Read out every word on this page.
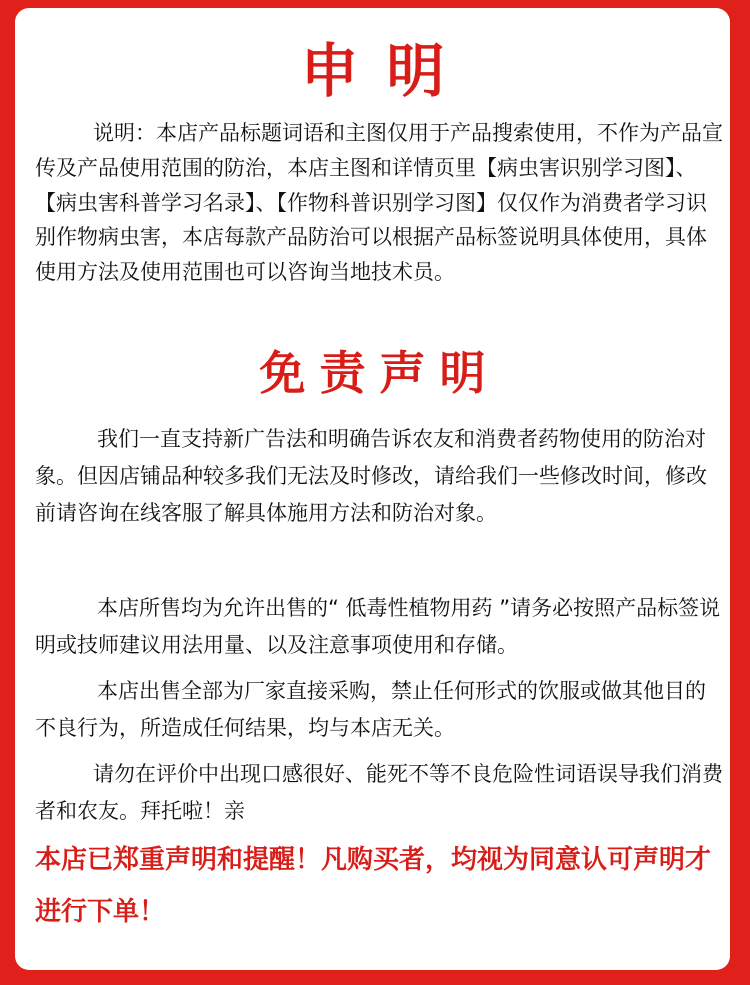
申明

说明：本店产品标题词语和主图仅用于产品搜索使用，不作为产品宣传及产品使用范围的防治，本店主图和详情页里【病虫害识别学习图】、【病虫害科普学习名录】、【作物科普识别学习图】仅仅作为消费者学习识别作物病虫害，本店每款产品防治可以根据产品标签说明具体使用，具体使用方法及使用范围也可以咨询当地技术员。

免责声明

我们一直支持新广告法和明确告诉农友和消费者药物使用的防治对象。但因店铺品种较多我们无法及时修改，请给我们一些修改时间，修改前请咨询在线客服了解具体施用方法和防治对象。

本店所售均为允许出售的“ 低毒性植物用药 ”请务必按照产品标签说明或技师建议用法用量、以及注意事项使用和存储。

本店出售全部为厂家直接采购，禁止任何形式的饮服或做其他目的不良行为，所造成任何结果，均与本店无关。

请勿在评价中出现口感很好、能死不等不良危险性词语误导我们消费者和农友。拜托啦！亲

本店已郑重声明和提醒！凡购买者，均视为同意认可声明才进行下单！
